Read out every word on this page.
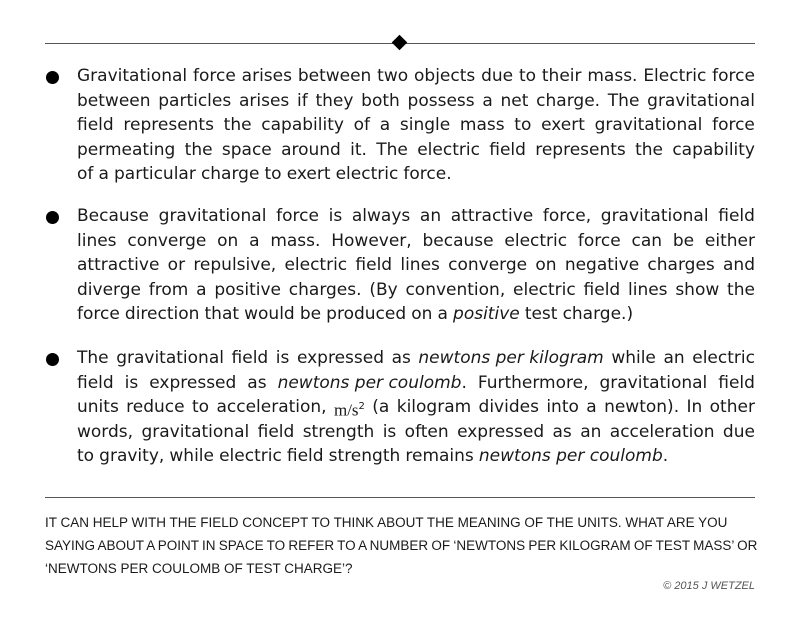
Gravitational force arises between two objects due to their mass. Electric force
between particles arises if they both possess a net charge. The gravitational
field represents the capability of a single mass to exert gravitational force
permeating the space around it. The electric field represents the capability
of a particular charge to exert electric force.
Because gravitational force is always an attractive force, gravitational field
lines converge on a mass. However, because electric force can be either
attractive or repulsive, electric field lines converge on negative charges and
diverge from a positive charges. (By convention, electric field lines show the
force direction that would be produced on a positive test charge.)
The gravitational field is expressed as newtons per kilogram while an electric
field is expressed as newtons per coulomb. Furthermore, gravitational field
units reduce to acceleration, $m/s^2$ (a kilogram divides into a newton). In other
words, gravitational field strength is often expressed as an acceleration due
to gravity, while electric field strength remains newtons per coulomb.
IT CAN HELP WITH THE FIELD CONCEPT TO THINK ABOUT THE MEANING OF THE UNITS. WHAT ARE YOU
SAYING ABOUT A POINT IN SPACE TO REFER TO A NUMBER OF ‘NEWTONS PER KILOGRAM OF TEST MASS’ OR
‘NEWTONS PER COULOMB OF TEST CHARGE’?
© 2015 J WETZEL
